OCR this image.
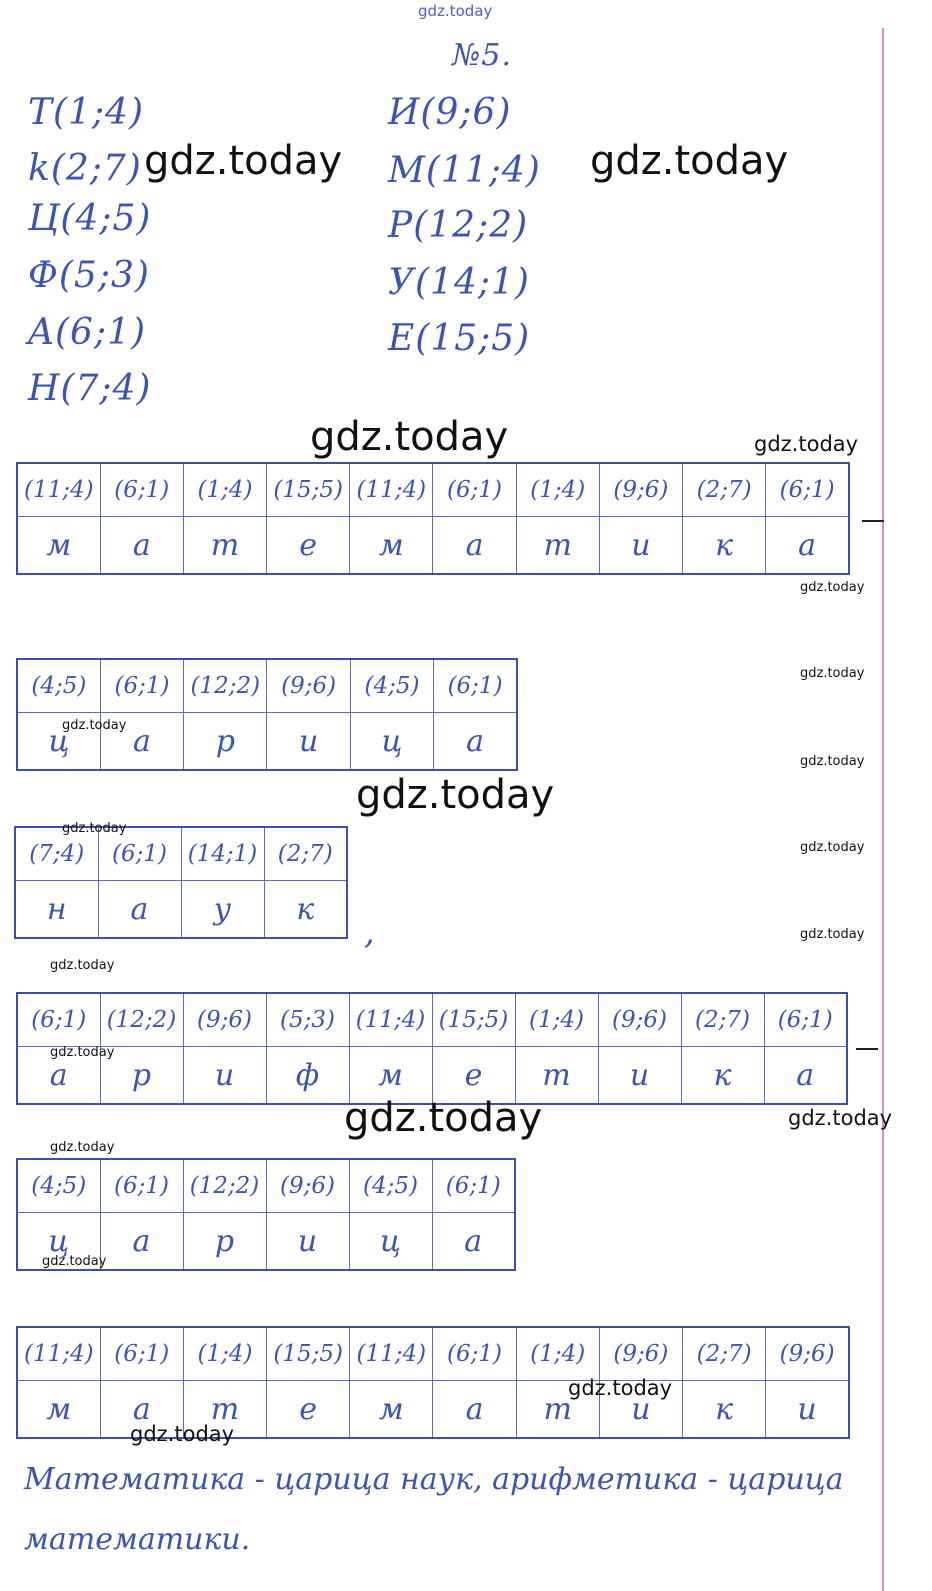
gdz.today
№5.
T(1;4)
k(2;7)
Ц(4;5)
Ф(5;3)
A(6;1)
H(7;4)
И(9;6)
M(11;4)
P(12;2)
У(14;1)
E(15;5)
(11;4)	(6;1)	(1;4)	(15;5)	(11;4)	(6;1)	(1;4)	(9;6)	(2;7)	(6;1)
м	а	т	е	м	а	т	и	к	а
(4;5)	(6;1)	(12;2)	(9;6)	(4;5)	(6;1)
ц	а	р	и	ц	а
(7;4)	(6;1)	(14;1)	(2;7)
н	а	у	к
,
(6;1)	(12;2)	(9;6)	(5;3)	(11;4)	(15;5)	(1;4)	(9;6)	(2;7)	(6;1)
а	р	и	ф	м	е	т	и	к	а
(4;5)	(6;1)	(12;2)	(9;6)	(4;5)	(6;1)
ц	а	р	и	ц	а
(11;4)	(6;1)	(1;4)	(15;5)	(11;4)	(6;1)	(1;4)	(9;6)	(2;7)	(9;6)
м	а	т	е	м	а	т	и	к	и
Математика - царица наук, арифметика - царица
математики.
gdz.today	gdz.today
gdz.today	gdz.today
gdz.today
gdz.today
gdz.today
gdz.today
gdz.today
gdz.today
gdz.today
gdz.today
gdz.today
gdz.today
gdz.today	gdz.today
gdz.today
gdz.today
gdz.today
gdz.today
